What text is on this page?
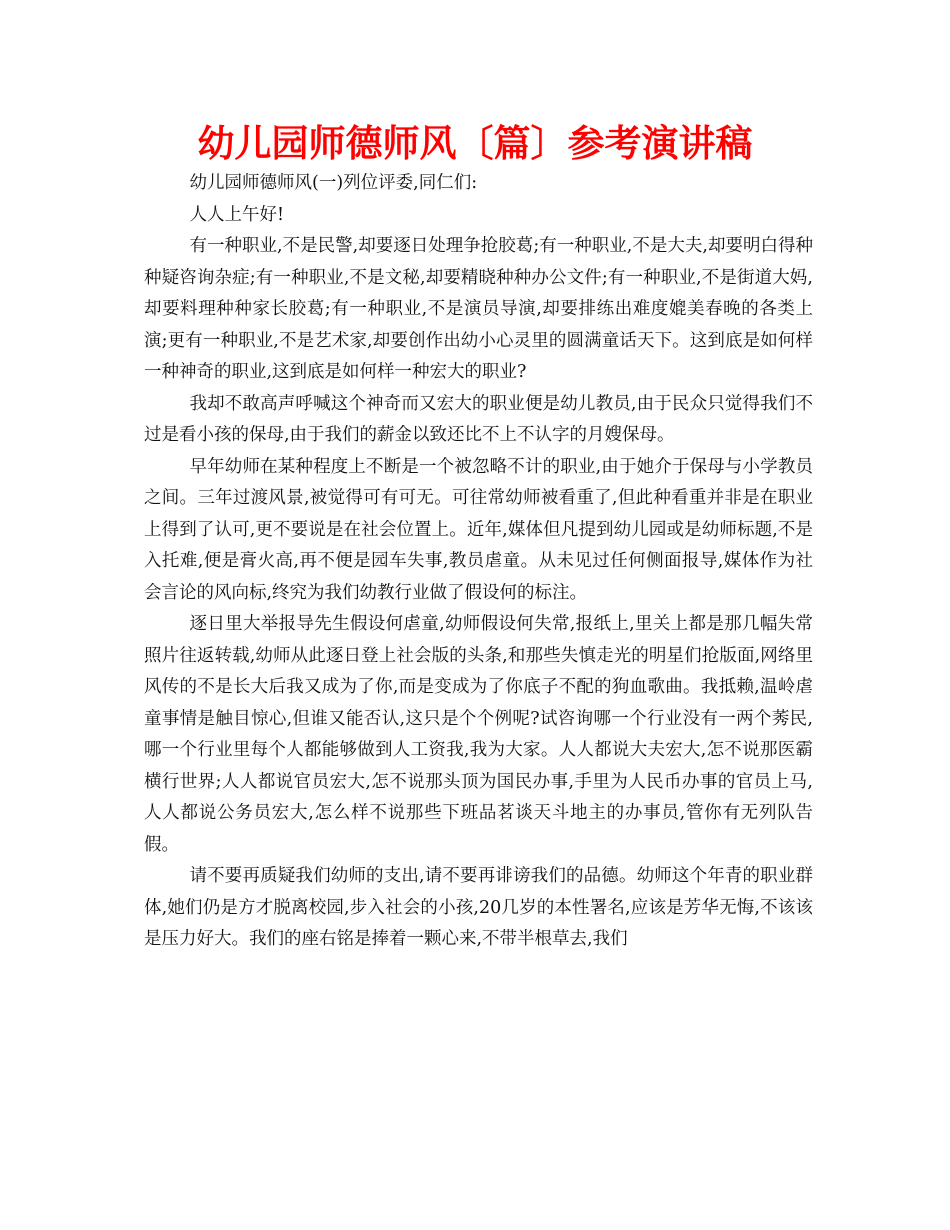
幼儿园师德师风〔篇〕参考演讲稿

幼儿园师德师风(一)列位评委,同仁们:

人人上午好!

有一种职业,不是民警,却要逐日处理争抢胶葛;有一种职业,不是大夫,却要明白得种种疑咨询杂症;有一种职业,不是文秘,却要精晓种种办公文件;有一种职业,不是街道大妈,却要料理种种家长胶葛;有一种职业,不是演员导演,却要排练出难度媲美春晚的各类上演;更有一种职业,不是艺术家,却要创作出幼小心灵里的圆满童话天下。这到底是如何样一种神奇的职业,这到底是如何样一种宏大的职业?

我却不敢高声呼喊这个神奇而又宏大的职业便是幼儿教员,由于民众只觉得我们不过是看小孩的保母,由于我们的薪金以致还比不上不认字的月嫂保母。

早年幼师在某种程度上不断是一个被忽略不计的职业,由于她介于保母与小学教员之间。三年过渡风景,被觉得可有可无。可往常幼师被看重了,但此种看重并非是在职业上得到了认可,更不要说是在社会位置上。近年,媒体但凡提到幼儿园或是幼师标题,不是入托难,便是膏火高,再不便是园车失事,教员虐童。从未见过任何侧面报导,媒体作为社会言论的风向标,终究为我们幼教行业做了假设何的标注。

逐日里大举报导先生假设何虐童,幼师假设何失常,报纸上,里关上都是那几幅失常照片往返转载,幼师从此逐日登上社会版的头条,和那些失慎走光的明星们抢版面,网络里风传的不是长大后我又成为了你,而是变成为了你底子不配的狗血歌曲。我抵赖,温岭虐童事情是触目惊心,但谁又能否认,这只是个个例呢?试咨询哪一个行业没有一两个莠民,哪一个行业里每个人都能够做到人工资我,我为大家。人人都说大夫宏大,怎不说那医霸横行世界;人人都说官员宏大,怎不说那头顶为国民办事,手里为人民币办事的官员上马,人人都说公务员宏大,怎么样不说那些下班品茗谈天斗地主的办事员,管你有无列队告假。

请不要再质疑我们幼师的支出,请不要再诽谤我们的品德。幼师这个年青的职业群体,她们仍是方才脱离校园,步入社会的小孩,20几岁的本性署名,应该是芳华无悔,不该该是压力好大。我们的座右铭是捧着一颗心来,不带半根草去,我们
